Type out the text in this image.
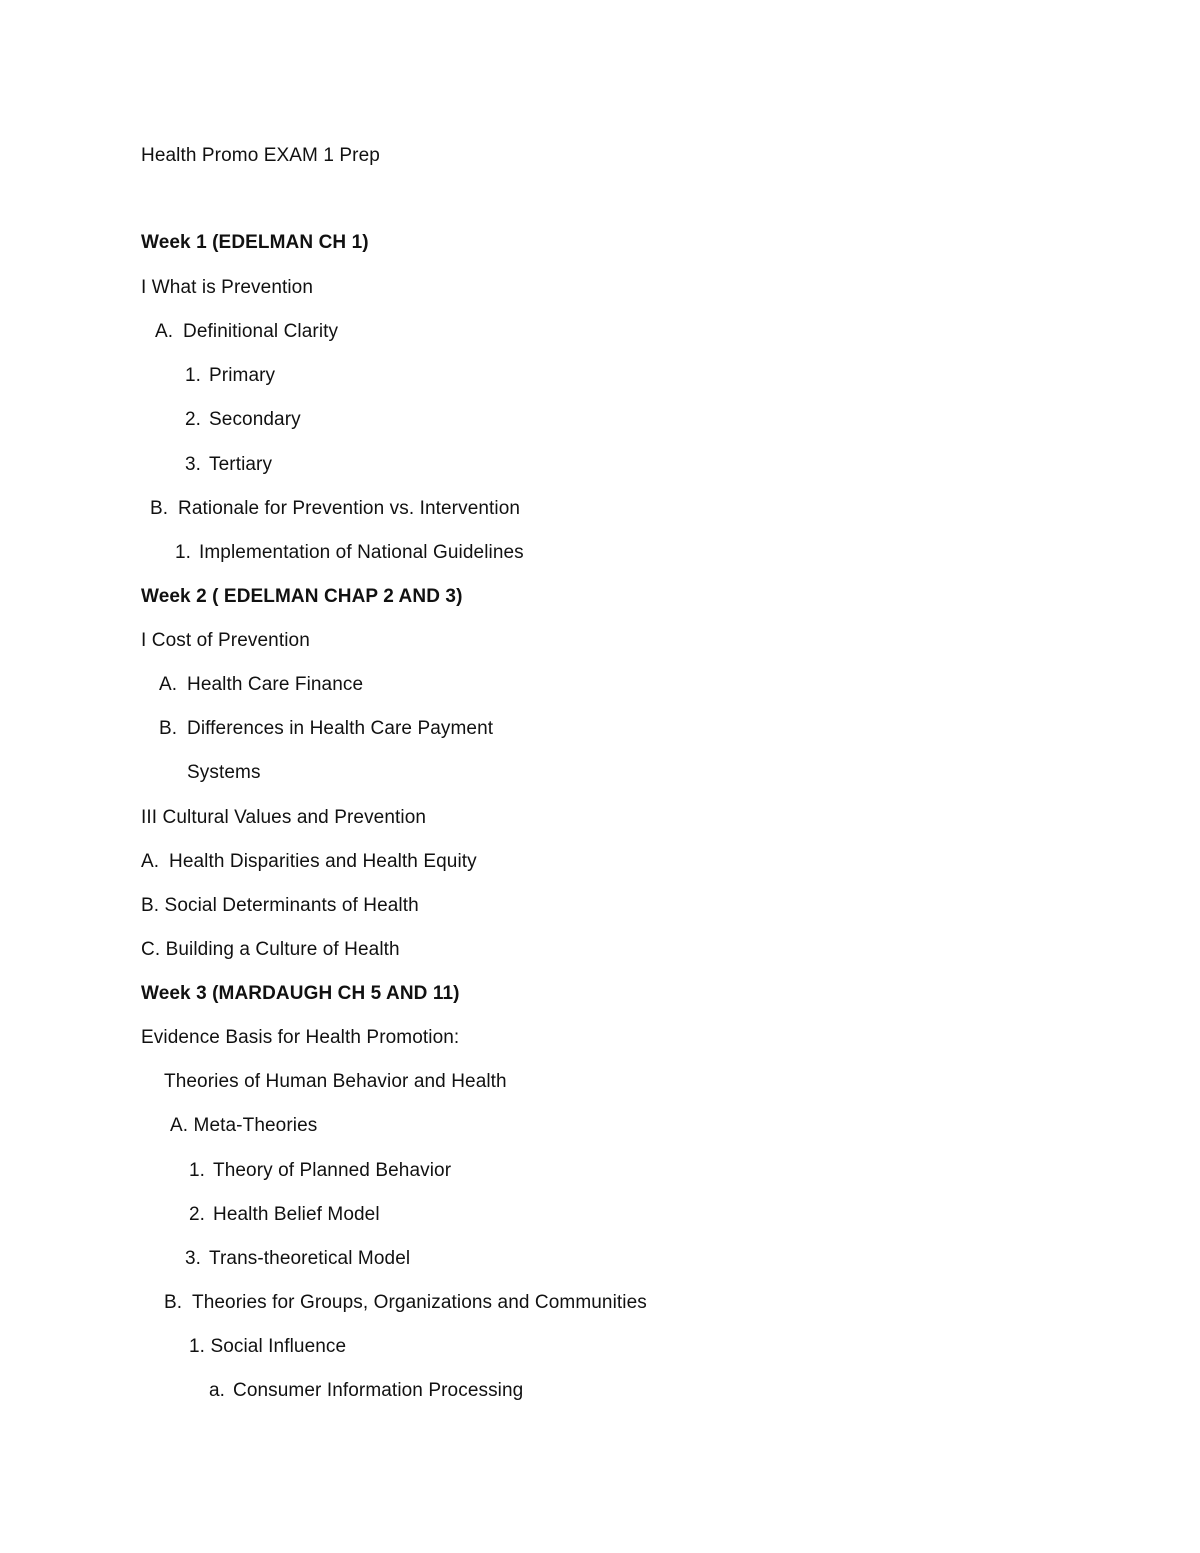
Health Promo EXAM 1 Prep
Week 1 (EDELMAN CH 1)
I What is Prevention
A. Definitional Clarity
1. Primary
2. Secondary
3. Tertiary
B. Rationale for Prevention vs. Intervention
1. Implementation of National Guidelines
Week 2 ( EDELMAN CHAP 2 AND 3)
I Cost of Prevention
A. Health Care Finance
B. Differences in Health Care Payment
Systems
III Cultural Values and Prevention
A. Health Disparities and Health Equity
B. Social Determinants of Health
C. Building a Culture of Health
Week 3 (MARDAUGH CH 5 AND 11)
Evidence Basis for Health Promotion:
Theories of Human Behavior and Health
A. Meta-Theories
1. Theory of Planned Behavior
2. Health Belief Model
3. Trans-theoretical Model
B. Theories for Groups, Organizations and Communities
1. Social Influence
a. Consumer Information Processing
